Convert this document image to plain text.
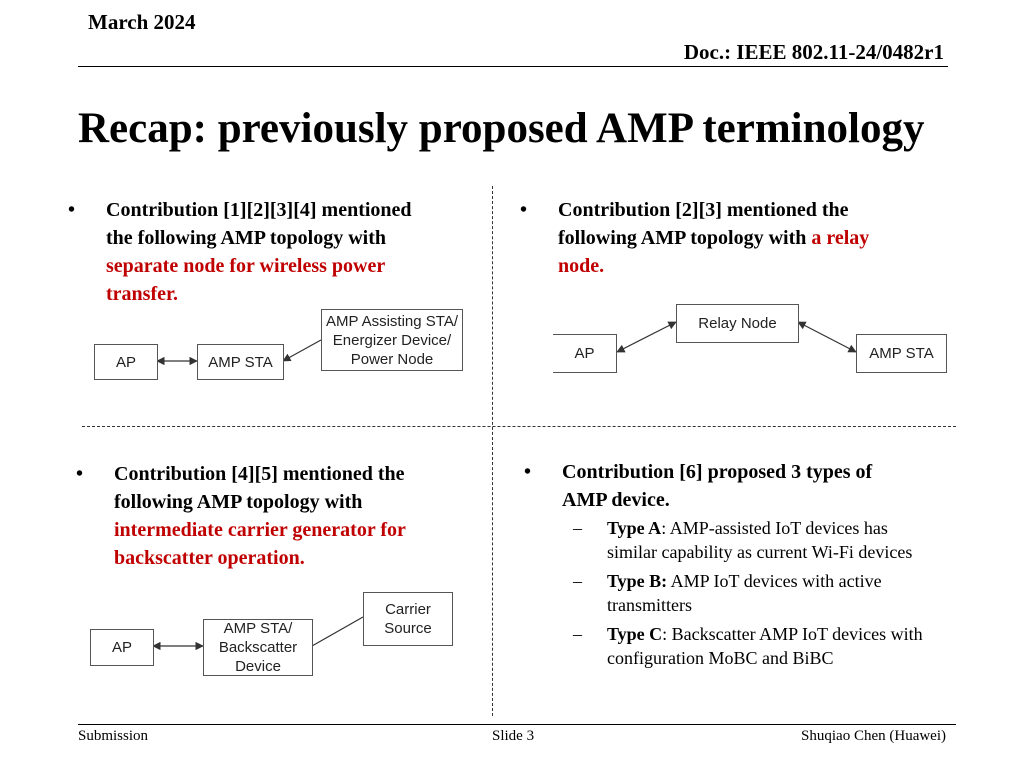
March 2024
Doc.: IEEE 802.11-24/0482r1
Recap: previously proposed AMP terminology
• Contribution [1][2][3][4] mentioned
the following AMP topology with
separate node for wireless power
transfer.
AP	AMP STA
AMP Assisting STA/
Energizer Device/
Power Node
• Contribution [2][3] mentioned the
following AMP topology with a relay
node.
Relay Node
AP	AMP STA
• Contribution [4][5] mentioned the
following AMP topology with
intermediate carrier generator for
backscatter operation.
AP
AMP STA/
Backscatter
Device
Carrier
Source
• Contribution [6] proposed 3 types of
AMP device.
– Type A: AMP-assisted IoT devices has
similar capability as current Wi-Fi devices
– Type B: AMP IoT devices with active
transmitters
– Type C: Backscatter AMP IoT devices with
configuration MoBC and BiBC
Submission	Slide 3	Shuqiao Chen (Huawei)
